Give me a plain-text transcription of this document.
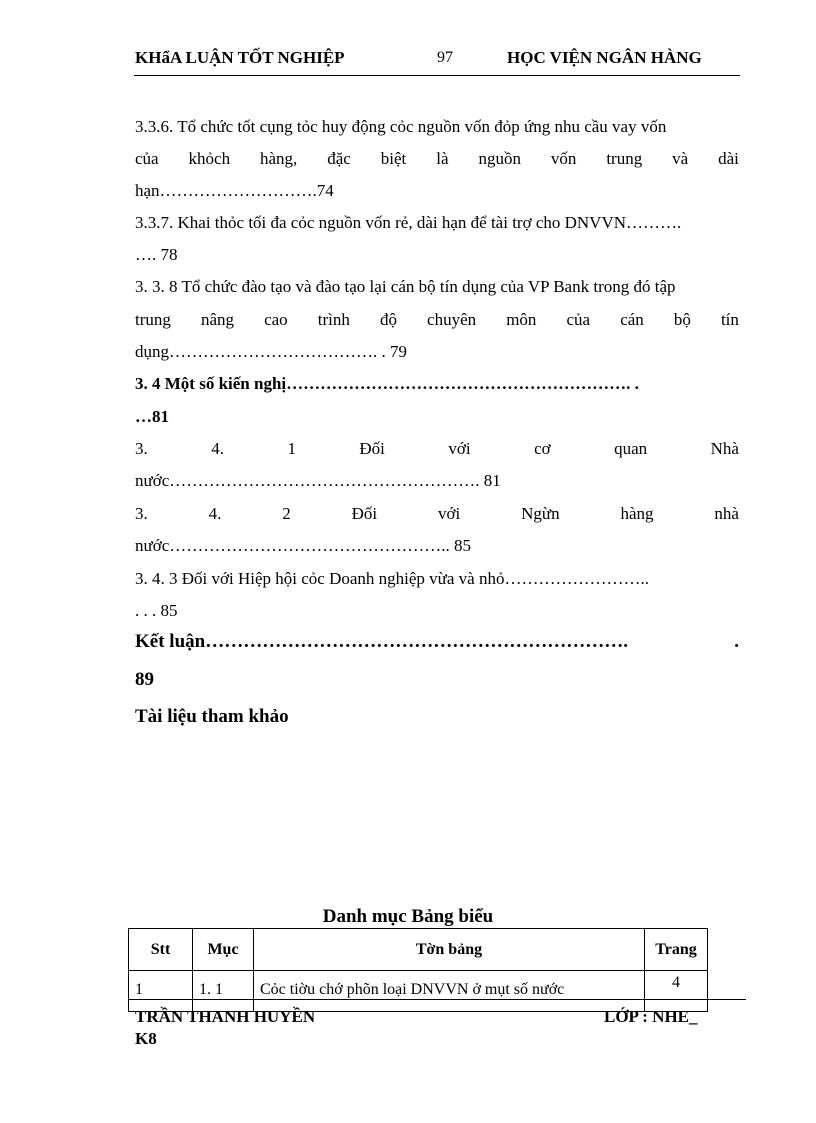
KHẩA LUẬN TỐT NGHIỆP	97	HỌC VIỆN NGÂN HÀNG
3.3.6. Tổ chức tốt cụng tỏc huy động cỏc nguồn vốn đỏp ứng nhu cầu vay vốn
của khỏch hàng, đặc biệt là nguồn vốn trung và dài
hạn……………………….74
3.3.7. Khai thỏc tối đa cỏc nguồn vốn rẻ, dài hạn để tài trợ cho DNVVN……….
…. 78
3. 3. 8 Tổ chức đào tạo và đào tạo lại cán bộ tín dụng của VP Bank trong đó tập
trung nâng cao trình độ chuyên môn của cán bộ tín
dụng………………………………. . 79
3. 4 Một số kiến nghị……………………………………………………. .
…81
3.	4.	1	Đối	với	cơ	quan	Nhà
nước………………………………………………. 81
3.	4.	2	Đối	với	Ngừn	hàng	nhà
nước………………………………………….. 85
3. 4. 3 Đối với Hiệp hội cỏc Doanh nghiệp vừa và nhỏ……………………..
. . . 85
Kết luận………………………………………………………….	.
89
Tài liệu tham khảo
Danh mục Bảng biểu
Stt	Mục	Tờn bảng	Trang
1	1. 1	Cỏc tiờu chớ phõn loại DNVVN ở mụt số nước	4
TRẦN THANH HUYỀN	LỚP : NHE_
K8
